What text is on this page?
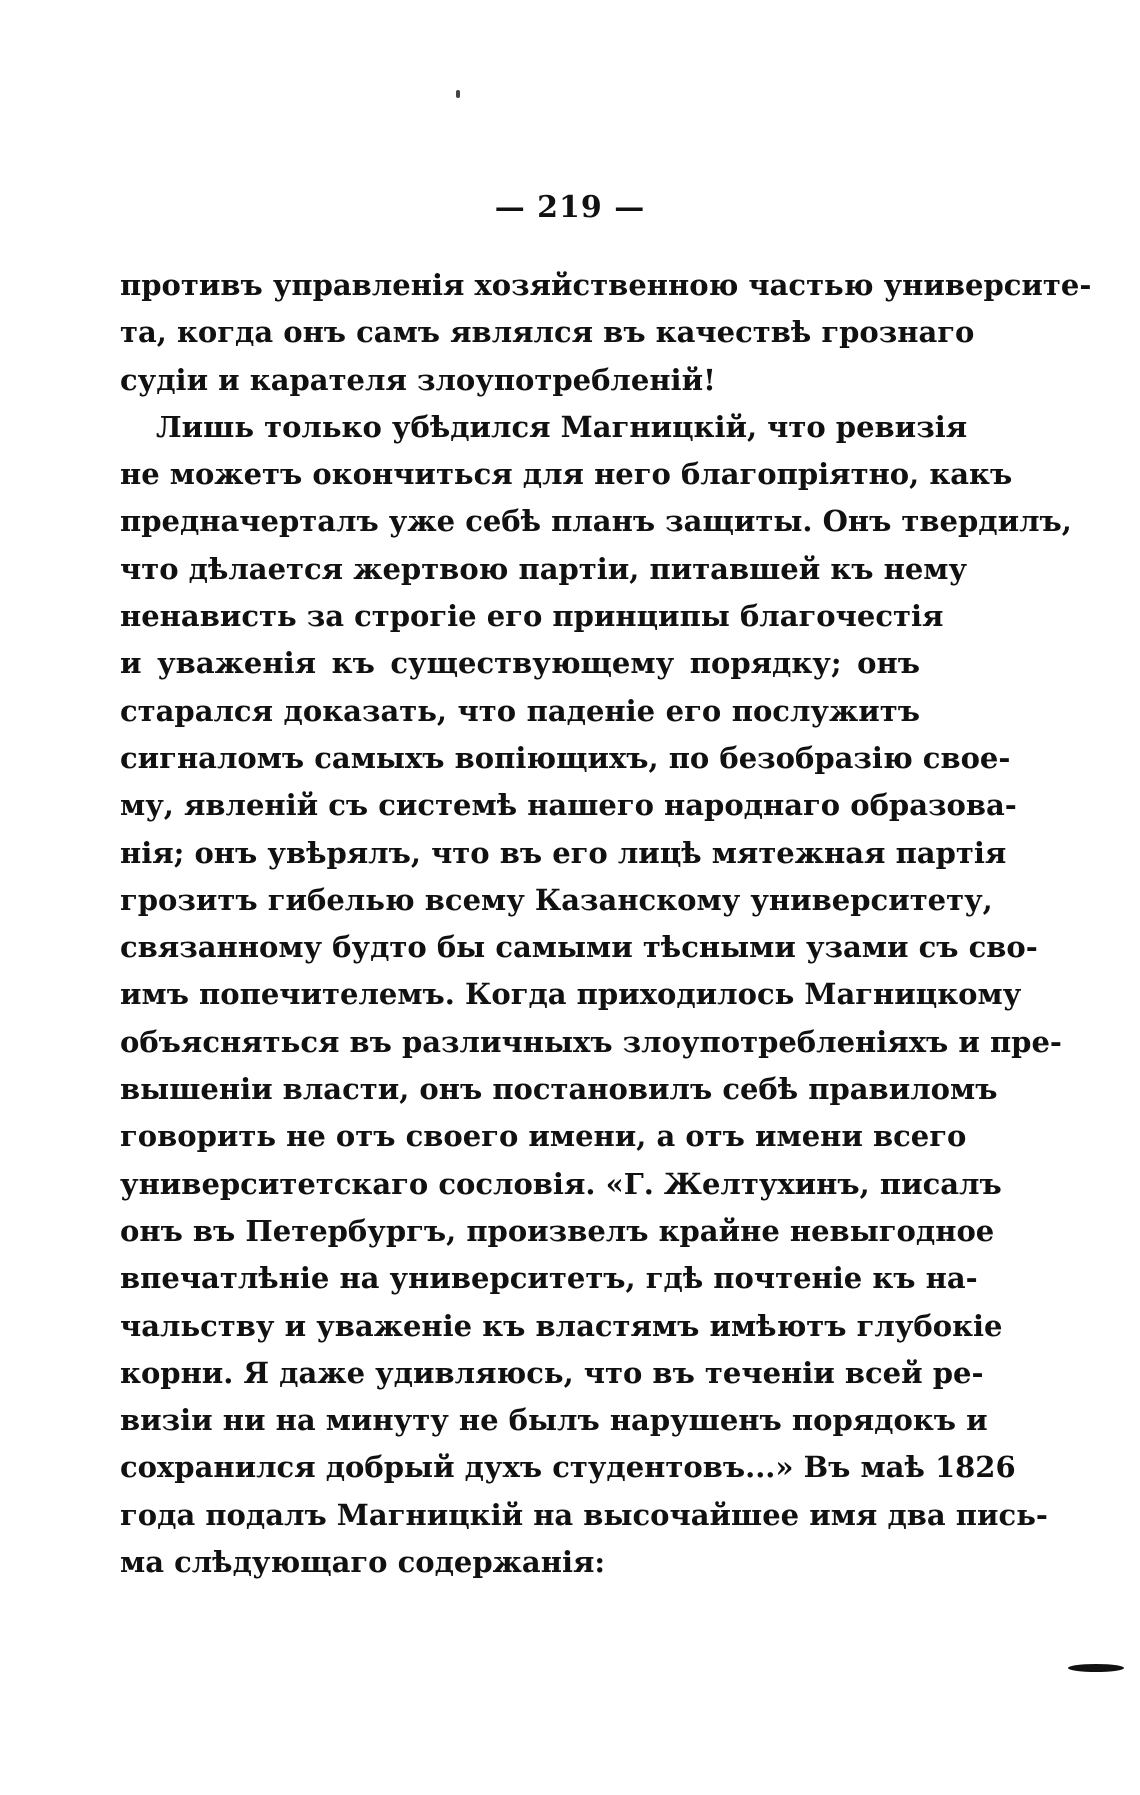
— 219 —
противъ управленія хозяйственною частью университе-
та, когда онъ самъ являлся въ качествѣ грознаго
судіи и карателя злоупотребленій!
Лишь только убѣдился Магницкій, что ревизія
не можетъ окончиться для него благопріятно, какъ
предначерталъ уже себѣ планъ защиты. Онъ твердилъ,
что дѣлается жертвою партіи, питавшей къ нему
ненависть за строгіе его принципы благочестія
и уваженія къ существующему порядку; онъ
старался доказать, что паденіе его послужитъ
сигналомъ самыхъ вопіющихъ, по безобразію свое-
му, явленій съ системѣ нашего народнаго образова-
нія; онъ увѣрялъ, что въ его лицѣ мятежная партія
грозитъ гибелью всему Казанскому университету,
связанному будто бы самыми тѣсными узами съ сво-
имъ попечителемъ. Когда приходилось Магницкому
объясняться въ различныхъ злоупотребленіяхъ и пре-
вышеніи власти, онъ постановилъ себѣ правиломъ
говорить не отъ своего имени, а отъ имени всего
университетскаго сословія. «Г. Желтухинъ, писалъ
онъ въ Петербургъ, произвелъ крайне невыгодное
впечатлѣніе на университетъ, гдѣ почтеніе къ на-
чальству и уваженіе къ властямъ имѣютъ глубокіе
корни. Я даже удивляюсь, что въ теченіи всей ре-
визіи ни на минуту не былъ нарушенъ порядокъ и
сохранился добрый духъ студентовъ...» Въ маѣ 1826
года подалъ Магницкій на высочайшее имя два пись-
ма слѣдующаго содержанія:
